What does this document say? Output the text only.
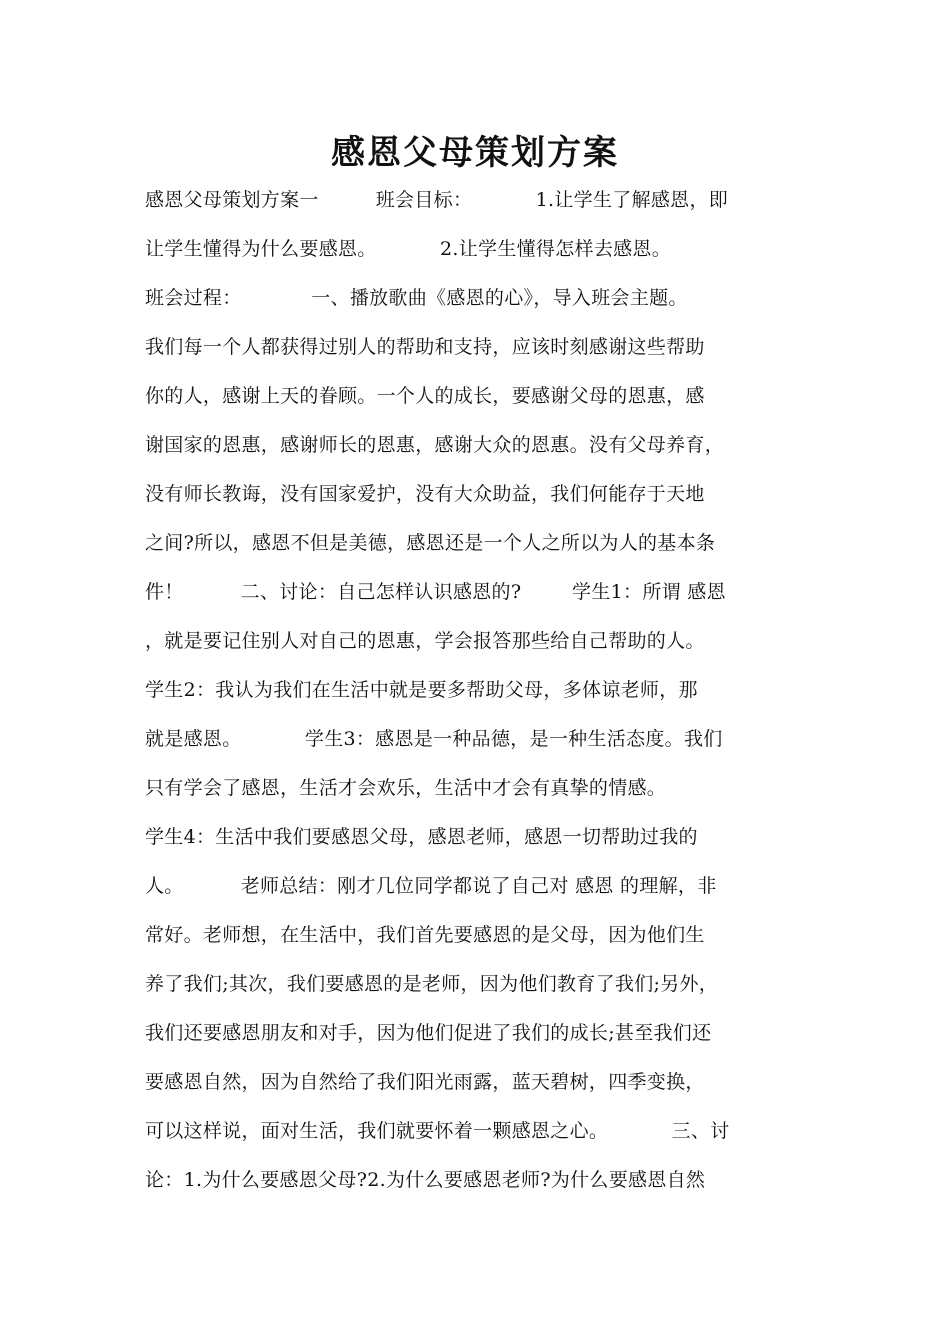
感恩父母策划方案
感恩父母策划方案一         班会目标：          1.让学生了解感恩，即
让学生懂得为什么要感恩。          2.让学生懂得怎样去感恩。
班会过程：           一、播放歌曲《感恩的心》，导入班会主题。
我们每一个人都获得过别人的帮助和支持，应该时刻感谢这些帮助
你的人，感谢上天的眷顾。一个人的成长，要感谢父母的恩惠，感
谢国家的恩惠，感谢师长的恩惠，感谢大众的恩惠。没有父母养育，
没有师长教诲，没有国家爱护，没有大众助益，我们何能存于天地
之间?所以，感恩不但是美德，感恩还是一个人之所以为人的基本条
件！         二、讨论：自己怎样认识感恩的?        学生1：所谓 感恩
，就是要记住别人对自己的恩惠，学会报答那些给自己帮助的人。
学生2：我认为我们在生活中就是要多帮助父母，多体谅老师，那
就是感恩。          学生3：感恩是一种品德，是一种生活态度。我们
只有学会了感恩，生活才会欢乐，生活中才会有真挚的情感。
学生4：生活中我们要感恩父母，感恩老师，感恩一切帮助过我的
人。         老师总结：刚才几位同学都说了自己对 感恩 的理解，非
常好。老师想，在生活中，我们首先要感恩的是父母，因为他们生
养了我们;其次，我们要感恩的是老师，因为他们教育了我们;另外，
我们还要感恩朋友和对手，因为他们促进了我们的成长;甚至我们还
要感恩自然，因为自然给了我们阳光雨露，蓝天碧树，四季变换，
可以这样说，面对生活，我们就要怀着一颗感恩之心。          三、讨
论：1.为什么要感恩父母?2.为什么要感恩老师?为什么要感恩自然
